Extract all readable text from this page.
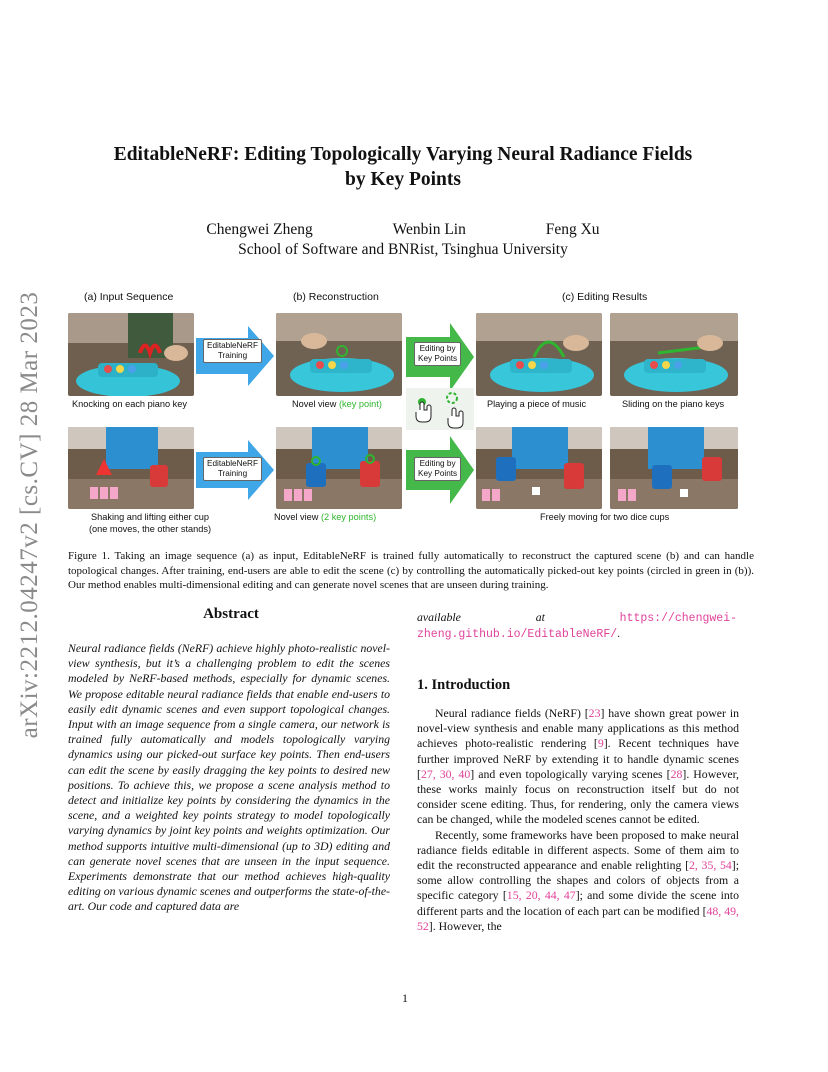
arXiv:2212.04247v2 [cs.CV] 28 Mar 2023
EditableNeRF: Editing Topologically Varying Neural Radiance Fields
by Key Points
Chengwei Zheng	Wenbin Lin	Feng Xu
School of Software and BNRist, Tsinghua University
(a) Input Sequence	(b) Reconstruction	(c) Editing Results
EditableNeRF
Training
Editing by
Key Points
Knocking on each piano key	Novel view (key point)	Playing a piece of music	Sliding on the piano keys
EditableNeRF
Training
Editing by
Key Points
Shaking and lifting either cup
(one moves, the other stands)
Novel view (2 key points)	Freely moving for two dice cups
Figure 1. Taking an image sequence (a) as input, EditableNeRF is trained fully automatically to reconstruct the captured scene (b) and can handle topological changes. After training, end-users are able to edit the scene (c) by controlling the automatically picked-out key points (circled in green in (b)). Our method enables multi-dimensional editing and can generate novel scenes that are unseen during training.
Abstract
Neural radiance fields (NeRF) achieve highly photo-realistic novel-view synthesis, but it’s a challenging problem to edit the scenes modeled by NeRF-based methods, especially for dynamic scenes. We propose editable neural radiance fields that enable end-users to easily edit dynamic scenes and even support topological changes. Input with an image sequence from a single camera, our network is trained fully automatically and models topologically varying dynamics using our picked-out surface key points. Then end-users can edit the scene by easily dragging the key points to desired new positions. To achieve this, we propose a scene analysis method to detect and initialize key points by considering the dynamics in the scene, and a weighted key points strategy to model topologically varying dynamics by joint key points and weights optimization. Our method supports intuitive multi-dimensional (up to 3D) editing and can generate novel scenes that are unseen in the input sequence. Experiments demonstrate that our method achieves high-quality editing on various dynamic scenes and outperforms the state-of-the-art. Our code and captured data are
available at https://chengwei-zheng.github.io/EditableNeRF/.
1. Introduction

Neural radiance fields (NeRF) [23] have shown great power in novel-view synthesis and enable many applications as this method achieves photo-realistic rendering [9]. Recent techniques have further improved NeRF by extending it to handle dynamic scenes [27, 30, 40] and even topologically varying scenes [28]. However, these works mainly focus on reconstruction itself but do not consider scene editing. Thus, for rendering, only the camera views can be changed, while the modeled scenes cannot be edited.

Recently, some frameworks have been proposed to make neural radiance fields editable in different aspects. Some of them aim to edit the reconstructed appearance and enable relighting [2, 35, 54]; some allow controlling the shapes and colors of objects from a specific category [15, 20, 44, 47]; and some divide the scene into different parts and the location of each part can be modified [48, 49, 52]. However, the

1
